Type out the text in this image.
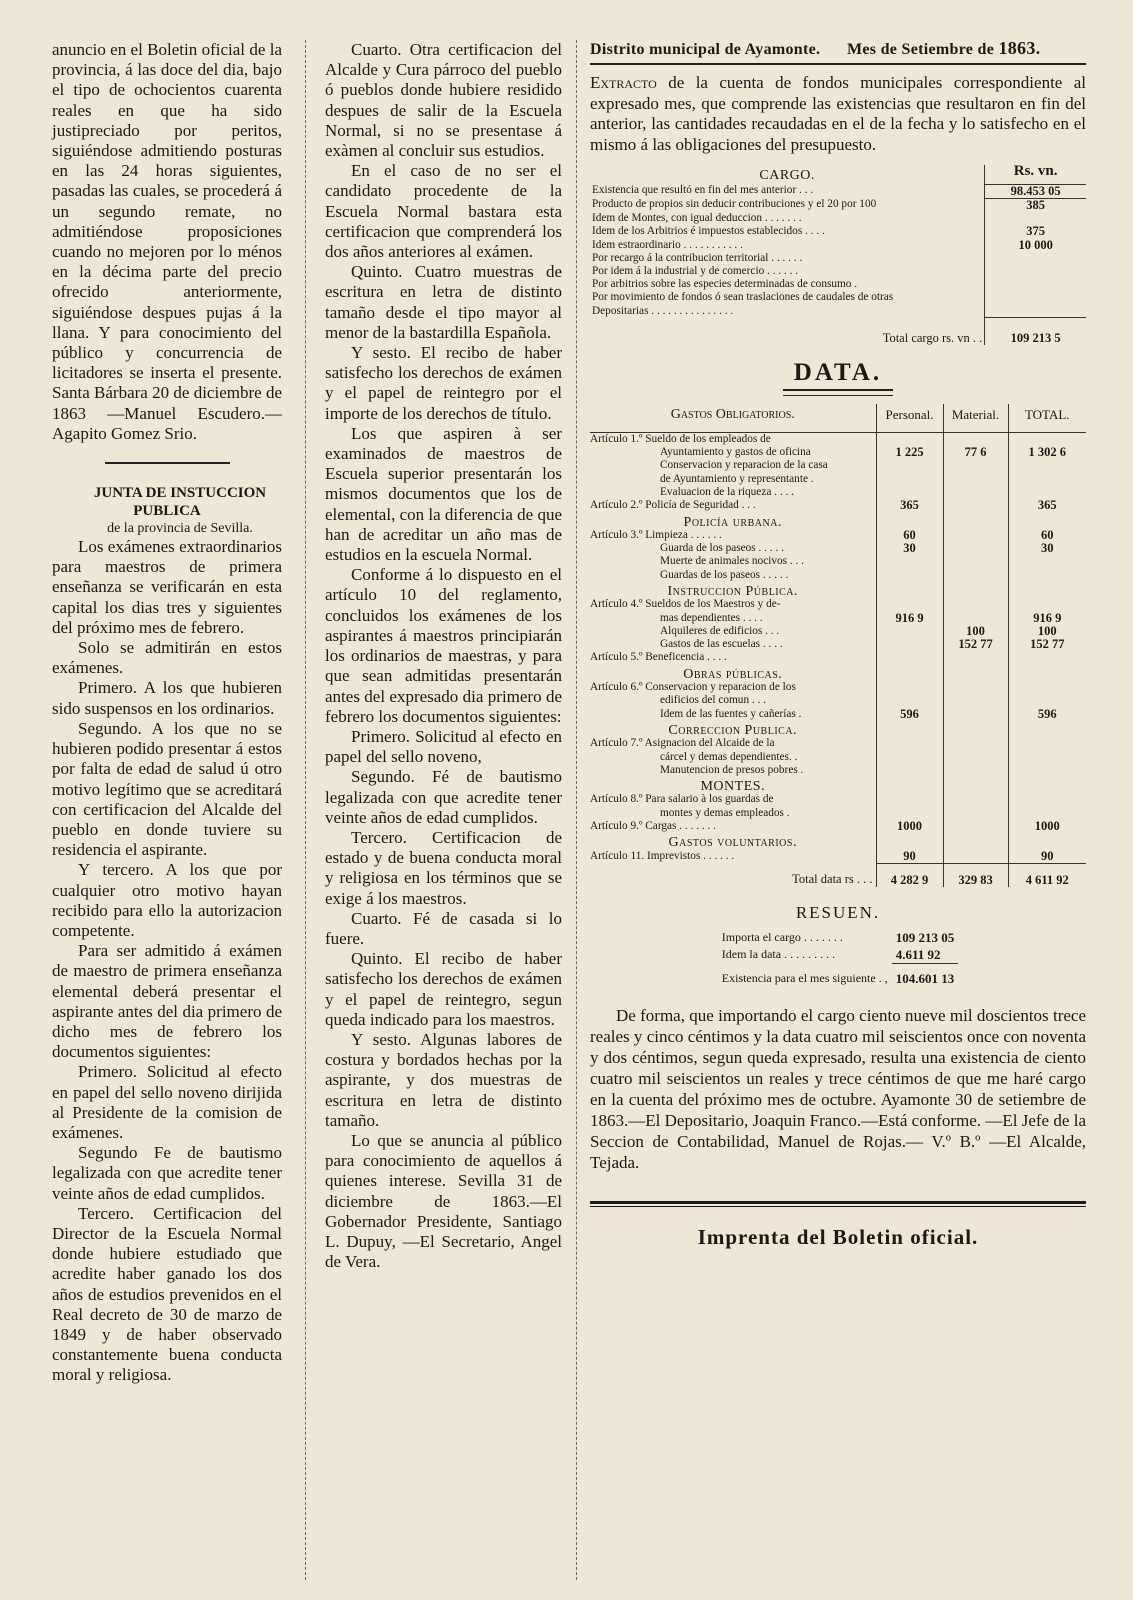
anuncio en el Boletin oficial de la provincia, á las doce del dia, bajo el tipo de ochocientos cuarenta reales en que ha sido justipreciado por peritos, siguiéndose admitiendo posturas en las 24 horas siguientes, pasadas las cuales, se procederá á un segundo remate, no admitiéndose proposiciones cuando no mejoren por lo ménos en la décima parte del precio ofrecido anteriormente, siguiéndose despues pujas á la llana. Y para conocimiento del público y concurrencia de licitadores se inserta el presente. Santa Bárbara 20 de diciembre de 1863 —Manuel Escudero.—Agapito Gomez Srio.

JUNTA DE INSTUCCION PUBLICA

de la provincia de Sevilla.

Los exámenes extraordinarios para maestros de primera enseñanza se verificarán en esta capital los dias tres y siguientes del próximo mes de febrero.

Solo se admitirán en estos exámenes.

Primero. A los que hubieren sido suspensos en los ordinarios.

Segundo. A los que no se hubieren podido presentar á estos por falta de edad de salud ú otro motivo legítimo que se acreditará con certificacion del Alcalde del pueblo en donde tuviere su residencia el aspirante.

Y tercero. A los que por cualquier otro motivo hayan recibido para ello la autorizacion competente.

Para ser admitido á exámen de maestro de primera enseñanza elemental deberá presentar el aspirante antes del dia primero de dicho mes de febrero los documentos siguientes:

Primero. Solicitud al efecto en papel del sello noveno dirijida al Presidente de la comision de exámenes.

Segundo Fe de bautismo legalizada con que acredite tener veinte años de edad cumplidos.

Tercero. Certificacion del Director de la Escuela Normal donde hubiere estudiado que acredite haber ganado los dos años de estudios prevenidos en el Real decreto de 30 de marzo de 1849 y de haber observado constantemente buena conducta moral y religiosa.

Cuarto. Otra certificacion del Alcalde y Cura párroco del pueblo ó pueblos donde hubiere residido despues de salir de la Escuela Normal, si no se presentase á exàmen al concluir sus estudios.

En el caso de no ser el candidato procedente de la Escuela Normal bastara esta certificacion que comprenderá los dos años anteriores al exámen.

Quinto. Cuatro muestras de escritura en letra de distinto tamaño desde el tipo mayor al menor de la bastardilla Española.

Y sesto. El recibo de haber satisfecho los derechos de exámen y el papel de reintegro por el importe de los derechos de título.

Los que aspiren à ser examinados de maestros de Escuela superior presentarán los mismos documentos que los de elemental, con la diferencia de que han de acreditar un año mas de estudios en la escuela Normal.

Conforme á lo dispuesto en el artículo 10 del reglamento, concluidos los exámenes de los aspirantes á maestros principiarán los ordinarios de maestras, y para que sean admitidas presentarán antes del expresado dia primero de febrero los documentos siguientes:

Primero. Solicitud al efecto en papel del sello noveno,

Segundo. Fé de bautismo legalizada con que acredite tener veinte años de edad cumplidos.

Tercero. Certificacion de estado y de buena conducta moral y religiosa en los términos que se exige á los maestros.

Cuarto. Fé de casada si lo fuere.

Quinto. El recibo de haber satisfecho los derechos de exámen y el papel de reintegro, segun queda indicado para los maestros.

Y sesto. Algunas labores de costura y bordados hechas por la aspirante, y dos muestras de escritura en letra de distinto tamaño.

Lo que se anuncia al público para conocimiento de aquellos á quienes interese. Sevilla 31 de diciembre de 1863.—El Gobernador Presidente, Santiago L. Dupuy, —El Secretario, Angel de Vera.

Distrito municipal de Ayamonte. Mes de Setiembre de 1863.

Extracto de la cuenta de fondos municipales correspondiente al expresado mes, que comprende las existencias que resultaron en fin del anterior, las cantidades recaudadas en el de la fecha y lo satisfecho en el mismo á las obligaciones del presupuesto.

CARGO.	Rs. vn.
Existencia que resultó en fin del mes anterior . . .	98.453 05
Producto de propios sin deducir contribuciones y el 20 por 100	385
Idem de Montes, con igual deduccion . . . . . . .	
Idem de los Arbitrios é impuestos establecidos . . . .	375
Idem estraordinario . . . . . . . . . . .	10 000
Por recargo á la contribucion territorial . . . . . .	
Por idem á la industrial y de comercio . . . . . .	
Por arbitrios sobre las especies determinadas de consumo .	
Por movimiento de fondos ó sean traslaciones de caudales de otras	
Depositarias . . . . . . . . . . . . . . .	
Total cargo rs. vn . .	109 213 5
DATA.
Gastos Obligatorios.	Personal.	Material.	TOTAL.
Artículo 1.º Sueldo de los empleados de			
Ayuntamiento y gastos de oficina	1 225	77 6	1 302 6
Conservacion y reparacion de la casa			
de Ayuntamiento y representante .			
Evaluacion de la riqueza . . . .			
Artículo 2.º Policía de Seguridad . . .	365		365
Policía urbana.			
Artículo 3.º Limpieza . . . . . .	60		60
Guarda de los paseos . . . . .	30		30
Muerte de animales nocivos . . .			
Guardas de los paseos . . . . .			
Instruccion Pública.			
Artículo 4.º Sueldos de los Maestros y de-			
mas dependientes . . . .	916 9		916 9
Alquileres de edificios . . .		100	100
Gastos de las escuelas . . . .		152 77	152 77
Artículo 5.º Beneficencia . . . .			
Obras públicas.			
Artículo 6.º Conservacion y reparacion de los			
edificios del comun . . .			
Idem de las fuentes y cañerías .	596		596
Correccion Publica.			
Artículo 7.º Asignacion del Alcaide de la			
cárcel y demas dependientes. .			
Manutencion de presos pobres .			
MONTES.			
Artículo 8.º Para salario à los guardas de			
montes y demas empleados .			
Artículo 9.º Cargas . . . . . . .	1000		1000
Gastos voluntarios.			
Artículo 11. Imprevistos . . . . . .	90		90
Total data rs . . .	4 282 9	329 83	4 611 92
RESUEN.
Importa el cargo . . . . . . .	109 213 05
Idem la data . . . . . . . . .	4.611 92
Existencia para el mes siguiente . ,	104.601 13

De forma, que importando el cargo ciento nueve mil doscientos trece reales y cinco céntimos y la data cuatro mil seiscientos once con noventa y dos céntimos, segun queda expresado, resulta una existencia de ciento cuatro mil seiscientos un reales y trece céntimos de que me haré cargo en la cuenta del próximo mes de octubre. Ayamonte 30 de setiembre de 1863.—El Depositario, Joaquin Franco.—Está conforme. —El Jefe de la Seccion de Contabilidad, Manuel de Rojas.— V.º B.º —El Alcalde, Tejada.

Imprenta del Boletin oficial.
